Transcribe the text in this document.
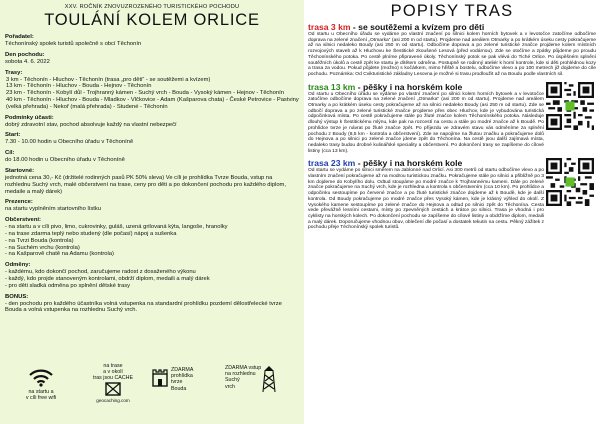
XXV. ROČNÍK ZNOVUZROZENÉHO TURISTICKÉHO POCHODU
TOULÁNÍ KOLEM ORLICE
Pořadatel:
Téchonínský spolek turistů společně s obcí Těchonín
Den pochodu:
sobota 4. 6. 2022
Trasy:
3 km - Těchonín - Hluchov - Těchonín (trasa „pro děti“ - se soutěžemi a kvízem)
13 km - Těchonín - Hluchov - Bouda - Hejnov - Těchonín
23 km - Těchonín - Kobylí důl - Trojhranný kámen - Suchý vrch - Bouda - Vysoký kámen - Hejnov - Těchonín
40 km - Těchonín - Hluchov - Bouda - Mladkov - Vlčkovice - Adam (Kašparova chata) - České Petrovice - Pastviny (velká přehrada) - Nekoř (malá přehrada) - Studené - Těchonín
Podmínky účasti:
dobrý zdravotní stav, pochod absolvuje každý na vlastní nebezpečí
Start:
7.30 - 10.00 hodin u Obecního úřadu v Těchoníně
Cíl:
do 18.00 hodin u Obecního úřadu v Těchoníně
Startovné:
jednotná cena 30,- Kč (držitelé rodinných pasů PK 50% sleva) Ve cíli je prohlídka Tvrze Bouda, vstup na rozhlednu Suchý vrch, malé občerstvení na trase, ceny pro děti a po dokončení pochodu pro každého diplom, medaile a malý dárek)
Prezence:
na startu vyplněním startovního lístku
Občerstvení:
- na startu a v cíli pivo, limo, cukrovinky, guláš, uzená grilovaná kýta, langoše, hranolky
- na trase zdarma teplý nebo studený (dle počasí) nápoj a sušenka
- na Tvrzi Bouda (kontrola)
- na Suchém vrchu (kontrola)
- na Kašparově chatě na Adamu (kontrola)
Odměny:
- každému, kdo dokončí pochod, zaručujeme radost z dosaženého výkonu
- každý, kdo projde stanoveným kontrolami, obdrží diplom, medaili a malý dárek
- pro děti sladká odměna po splnění dětské trasy
BONUS:
- den pochodu pro každého účastníka volná vstupenka na standardní prohlídku pozdemí dělostřelecké tvrze Bouda a volná vstupenka na rozhlednu Suchý vrch.
na startu a
v cíli free wifi
na trase
a v okolí
tras jsou CACHE
geocaching.com
ZDARMA
prohlídka
tvrze
Bouda
ZDARMA vstup
na rozhlednu
Suchý
vrch
POPISY TRAS
trasa 3 km - se soutěžemi a kvízem pro děti
Od startu u Obecního úřadu se vydáme po vlastní značení po silnici kolem horních bytovek a v levotočce zatočíme odbočíme doprava na zelené značení „Otmarka“ (asi 200 m od startu). Projdeme nad areálem Otmarky a po krátkém úseku cesty pokračujeme až na silnici nedaleko Boudy (asi 250 m od startu). Odbočíme doprava a po zelené turistické značce projdeme kolem místních rozvojových staveb až k Hluchovu ke Šestitické zkoušené Lesová (před vodárnou). Zde se otočíme a zpátky půjdeme po proudu Těchonínského potoka. Po cestě plníme připravené úkoly. Těchonínský potok se pak vlévá do Tiché Orlice. Po úspěšném splnění soutěžních úkolů a cestě zpět ke startu je dítětem odměna. Postupně se rodinný ateliér k horní kontrole, kde si děti prohlédnou kozy a trasa za vodou. Pokud půjdete (možno) s kočárkem, mimo hřiště a bostelu, odbočíme vlevo a po 100 metrech již dojdeme do cíle pochodu. Poznámka: Od Cvikturistické základny Lesovna je možné si trasu prodloužit až na Boudu podle vlastních sil.
trasa 13 km - pěšky i na horském kole
Od startu u Obecního úřadu se vydáme po vlastní značení po silnici kolem horních bytovek a v levotočce zatočíme odbočíme doprava na zelené značení „Otmarka“ (asi 200 m od startu). Projdeme nad areálem Otmarky a po krátkém úseku cesty pokračujeme až na silnici nedaleko Boudy (asi 250 m od startu). Zde se odbočí doprava a po zelené turistické značce projdeme přes obec Hluchov, kde je vybudována turistická odpočinková místa. Po cestě pokračujeme stále po žluté značce kolem Těchonínského potoka. Následuje dlouhý výstup k Šestitickému mlýnu, kde pak na rozcestí na cestu a stále po modré značce až k Boudě. Po prohlídce tvrze je návrat po žluté značce zpět. Po příjezdu ve zdravém stavu vás odměníme za splnění pochodu z Boudy (8,5 km - kontrola a občerstvení). Zde se napojíme na žlutou značku a pokračujeme dolů do Hejnova a po silnici po zelené značce jdeme zpět do Těchonína. Na cestě jsou další zajímavá místa, nedaleko trasy budou drobné kulinářské speciality a občerstvení. Po dokončení trasy se zapíšeme do cílové listiny (cca 13 km).
trasa 23 km - pěšky i na horském kole
Od startu se vydáme po silnici směrem na Jablonné nad Orlicí. Asi 300 metrů od startu odbočíme vlevo a po vlastním značení pokračujeme až na modrou turistickou značku. Pokračujeme stále po silnici a přibližně po 3 km dojdeme do Kobylího dolu. Odtud stoupáme po modré značce k Trojhrannému kameni. Dále po zelené značce pokračujeme na Suchý vrch, kde je rozhledna a kontrola s občerstvením (cca 10 km). Po prohlídce a odpočinku sestoupíme po červené značce a po žluté turistické značce dojdeme až k Boudě, kde je další kontrola. Od Boudy pokračujeme po modré značce přes Vysoký kámen, kde je krásný výhled do okolí. Z Vysokého kamene sestoupíme po zelené značce do Hejnova a odtud po silnici zpět do Těchonína. Cesta vede převážně lesními cestami, místy po zpevněných cestách a krátce po silnici. Trasa je vhodná i pro cyklisty na horských kolech. Po dokončení pochodu se zapíšeme do cílové listiny a obdržíme diplom, medaili a malý dárek. Doporučujeme vhodnou obuv, oblečení dle počasí a dostatek tekutin na cestu. Pěkný zážitek z pochodu přeje Téchonínský spolek turistů.
